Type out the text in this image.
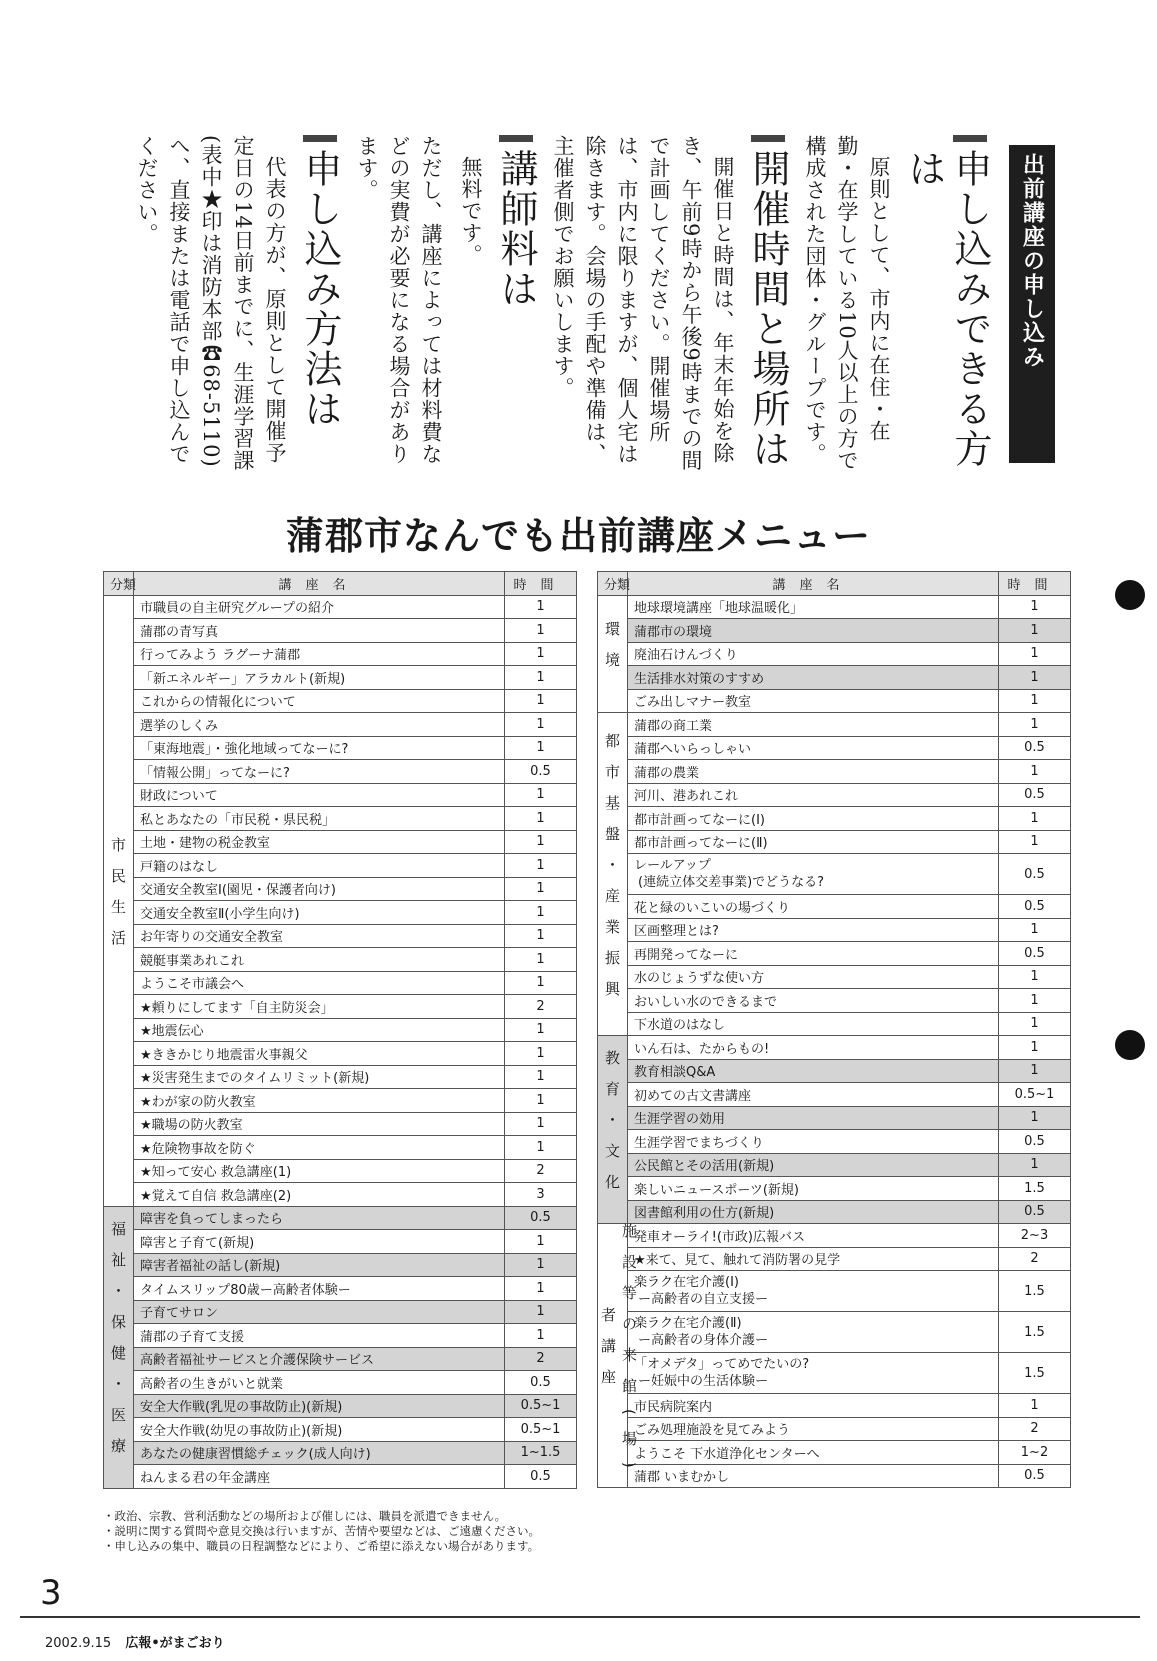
出前講座の申し込み
申し込みできる方は

原則として、市内に在住・在勤・在学している10人以上の方で構成された団体・グループです。

開催時間と場所は

開催日と時間は、年末年始を除き、午前9時から午後9時までの間で計画してください。開催場所は、市内に限りますが、個人宅は除きます。会場の手配や準備は、主催者側でお願いします。

講師料は

無料です。

ただし、講座によっては材料費などの実費が必要になる場合があります。

申し込み方法は

代表の方が、原則として開催予定日の14日前までに、生涯学習課(表中★印は消防本部☎68-5110)へ、直接または電話で申し込んでください。

蒲郡市なんでも出前講座メニュー
分類	講座名	時間
市民生活	市職員の自主研究グループの紹介	1

	蒲郡の青写真	1

	行ってみよう ラグーナ蒲郡	1

	「新エネルギー」アラカルト(新規)	1

	これからの情報化について	1

	選挙のしくみ	1

	「東海地震」・強化地域ってなーに?	1

	「情報公開」ってなーに?	0.5

	財政について	1

	私とあなたの「市民税・県民税」	1

	土地・建物の税金教室	1

	戸籍のはなし	1

	交通安全教室Ⅰ(園児・保護者向け)	1

	交通安全教室Ⅱ(小学生向け)	1

	お年寄りの交通安全教室	1

	競艇事業あれこれ	1

	ようこそ市議会へ	1

	★頼りにしてます「自主防災会」	2

	★地震伝心	1

	★ききかじり地震雷火事親父	1

	★災害発生までのタイムリミット(新規)	1

	★わが家の防火教室	1

	★職場の防火教室	1

	★危険物事故を防ぐ	1

	★知って安心 救急講座(1)	2

	★覚えて自信 救急講座(2)	3
福祉・保健・医療	障害を負ってしまったら	0.5

	障害と子育て(新規)	1

	障害者福祉の話し(新規)	1

	タイムスリップ80歳ー高齢者体験ー	1

	子育てサロン	1

	蒲郡の子育て支援	1

	高齢者福祉サービスと介護保険サービス	2

	高齢者の生きがいと就業	0.5

	安全大作戦(乳児の事故防止)(新規)	0.5~1

	安全大作戦(幼児の事故防止)(新規)	0.5~1

	あなたの健康習慣総チェック(成人向け)	1~1.5

	ねんまる君の年金講座	0.5
分類	講座名	時間
環境	地球環境講座「地球温暖化」	1

	蒲郡市の環境	1

	廃油石けんづくり	1

	生活排水対策のすすめ	1

	ごみ出しマナー教室	1
都市基盤・産業振興	蒲郡の商工業	1

	蒲郡へいらっしゃい	0.5

	蒲郡の農業	1

	河川、港あれこれ	0.5

	都市計画ってなーに(Ⅰ)	1

	都市計画ってなーに(Ⅱ)	1

	レールアップ
(連続立体交差事業)でどうなる?	0.5

	花と緑のいこいの場づくり	0.5

	区画整理とは?	1

	再開発ってなーに	0.5

	水のじょうずな使い方	1

	おいしい水のできるまで	1

	下水道のはなし	1
教育・文化	いん石は、たからもの!	1

	教育相談Q&A	1

	初めての古文書講座	0.5~1

	生涯学習の効用	1

	生涯学習でまちづくり	0.5

	公民館とその活用(新規)	1

	楽しいニュースポーツ(新規)	1.5

	図書館利用の仕方(新規)	0.5
施設等の来館(場)者講座	発車オーライ!(市政)広報バス	2~3

	★来て、見て、触れて消防署の見学	2

	楽ラク在宅介護(Ⅰ)
ー高齢者の自立支援ー	1.5

	楽ラク在宅介護(Ⅱ)
ー高齢者の身体介護ー	1.5

	「オメデタ」ってめでたいの?
ー妊娠中の生活体験ー	1.5

	市民病院案内	1

	ごみ処理施設を見てみよう	2

	ようこそ 下水道浄化センターへ	1~2

	蒲郡 いまむかし	0.5
・政治、宗教、営利活動などの場所および催しには、職員を派遣できません。
・説明に関する質問や意見交換は行いますが、苦情や要望などは、ご遠慮ください。
・申し込みの集中、職員の日程調整などにより、ご希望に添えない場合があります。
3
2002.9.15 広報•がまごおり
